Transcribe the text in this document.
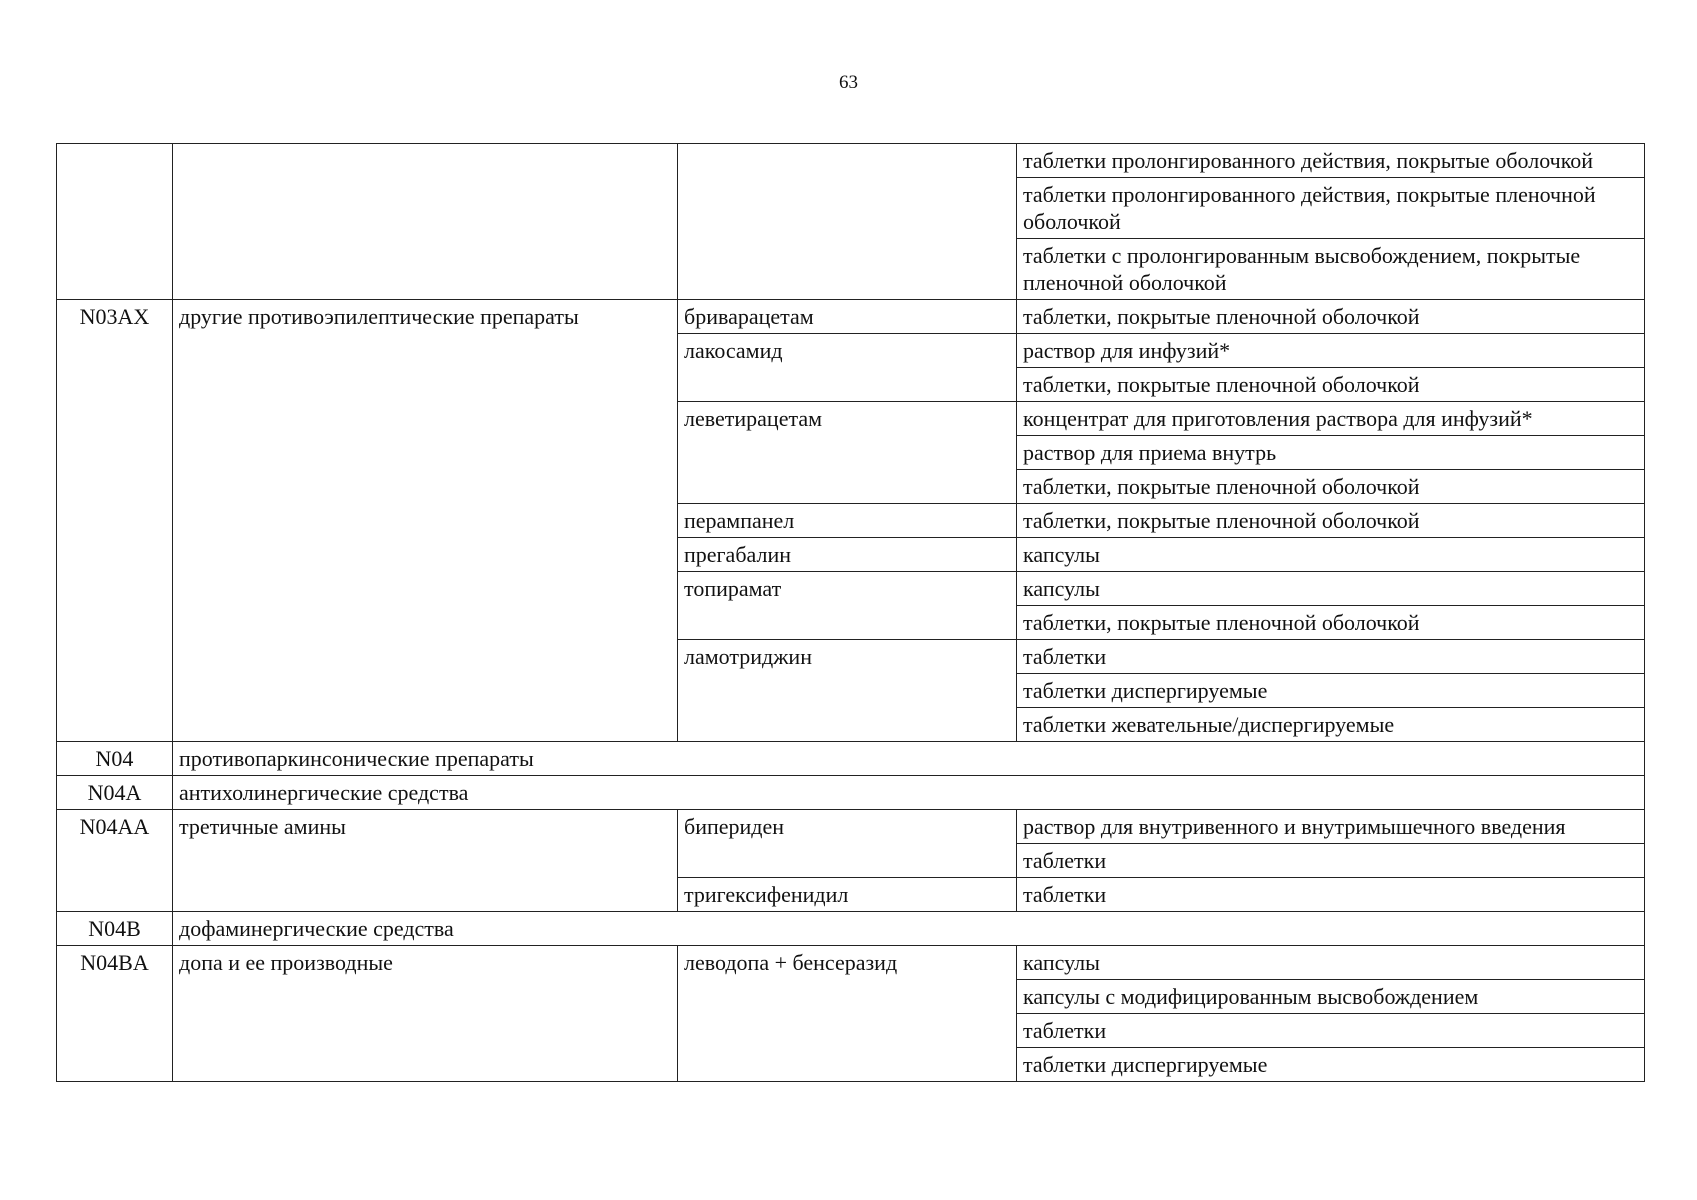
63
			таблетки пролонгированного действия, покрытые оболочкой
			таблетки пролонгированного действия, покрытые пленочной оболочкой
			таблетки с пролонгированным высвобождением, покрытые пленочной оболочкой
N03AX	другие противоэпилептические препараты	бриварацетам	таблетки, покрытые пленочной оболочкой
		лакосамид	раствор для инфузий*
			таблетки, покрытые пленочной оболочкой
		леветирацетам	концентрат для приготовления раствора для инфузий*
			раствор для приема внутрь
			таблетки, покрытые пленочной оболочкой
		перампанел	таблетки, покрытые пленочной оболочкой
		прегабалин	капсулы
		топирамат	капсулы
			таблетки, покрытые пленочной оболочкой
		ламотриджин	таблетки
			таблетки диспергируемые
			таблетки жевательные/диспергируемые
N04	противопаркинсонические препараты		
N04A	антихолинергические средства		
N04AA	третичные амины	бипериден	раствор для внутривенного и внутримышечного введения
			таблетки
		тригексифенидил	таблетки
N04B	дофаминергические средства		
N04BA	допа и ее производные	леводопа + бенсеразид	капсулы
			капсулы с модифицированным высвобождением
			таблетки
			таблетки диспергируемые
